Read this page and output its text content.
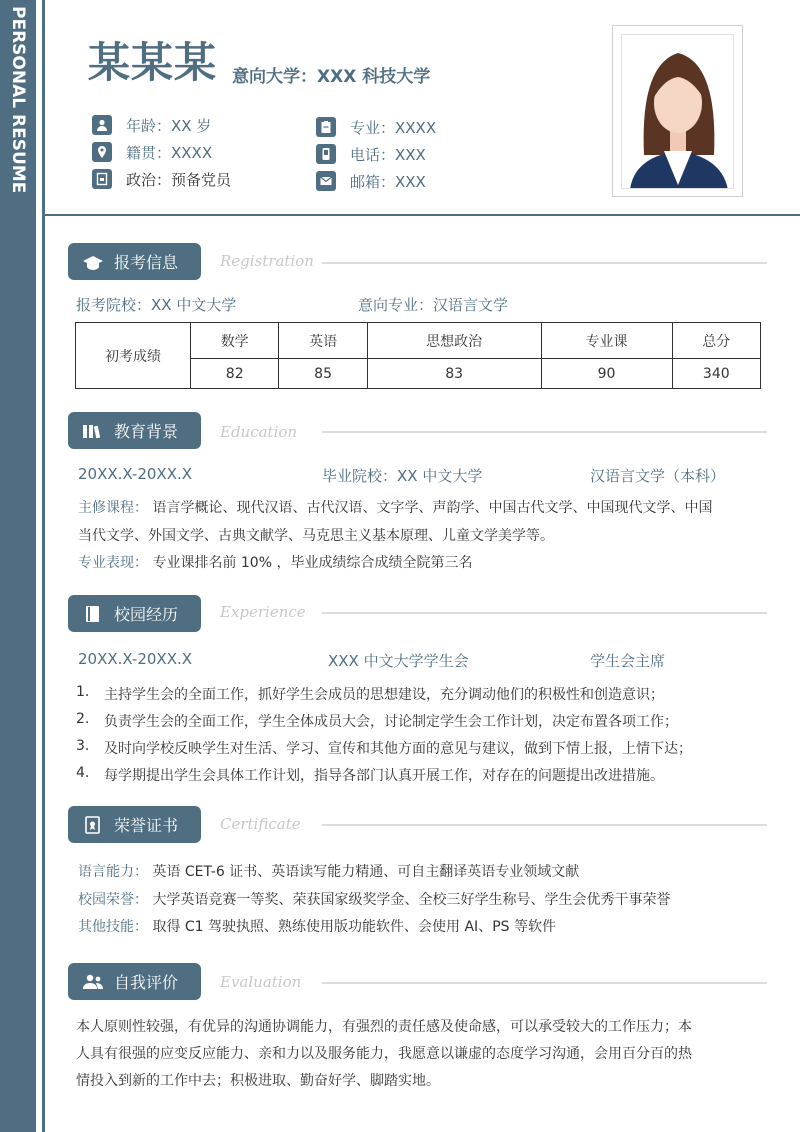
PERSONAL RESUME 某某某 意向大学：XXX 科技大学
年龄：XX 岁
籍贯：XXXX
政治：预备党员
专业：XXXX
电话：XXX
邮箱：XXX
报考信息	Registration
报考院校：XX 中文大学	意向专业：汉语言文学
初考成绩	数学	英语	思想政治	专业课	总分
	82	85	83	90	340
教育背景	Education
20XX.X-20XX.X	毕业院校：XX 中文大学	汉语言文学（本科）
主修课程： 语言学概论、现代汉语、古代汉语、文字学、声韵学、中国古代文学、中国现代文学、中国
当代文学、外国文学、古典文献学、马克思主义基本原理、儿童文学美学等。
专业表现： 专业课排名前 10% ，毕业成绩综合成绩全院第三名
校园经历	Experience
20XX.X-20XX.X	XXX 中文大学学生会	学生会主席
1.	主持学生会的全面工作，抓好学生会成员的思想建设，充分调动他们的积极性和创造意识；
2.	负责学生会的全面工作，学生全体成员大会，讨论制定学生会工作计划，决定布置各项工作；
3.	及时向学校反映学生对生活、学习、宣传和其他方面的意见与建议，做到下情上报，上情下达；
4.	每学期提出学生会具体工作计划，指导各部门认真开展工作，对存在的问题提出改进措施。
荣誉证书	Certificate
语言能力： 英语 CET-6 证书、英语读写能力精通、可自主翻译英语专业领域文献
校园荣誉： 大学英语竞赛一等奖、荣获国家级奖学金、全校三好学生称号、学生会优秀干事荣誉
其他技能： 取得 C1 驾驶执照、熟练使用版功能软件、会使用 AI、PS 等软件
自我评价	Evaluation
本人原则性较强，有优异的沟通协调能力，有强烈的责任感及使命感，可以承受较大的工作压力；本
人具有很强的应变反应能力、亲和力以及服务能力，我愿意以谦虚的态度学习沟通，会用百分百的热
情投入到新的工作中去；积极进取、勤奋好学、脚踏实地。
